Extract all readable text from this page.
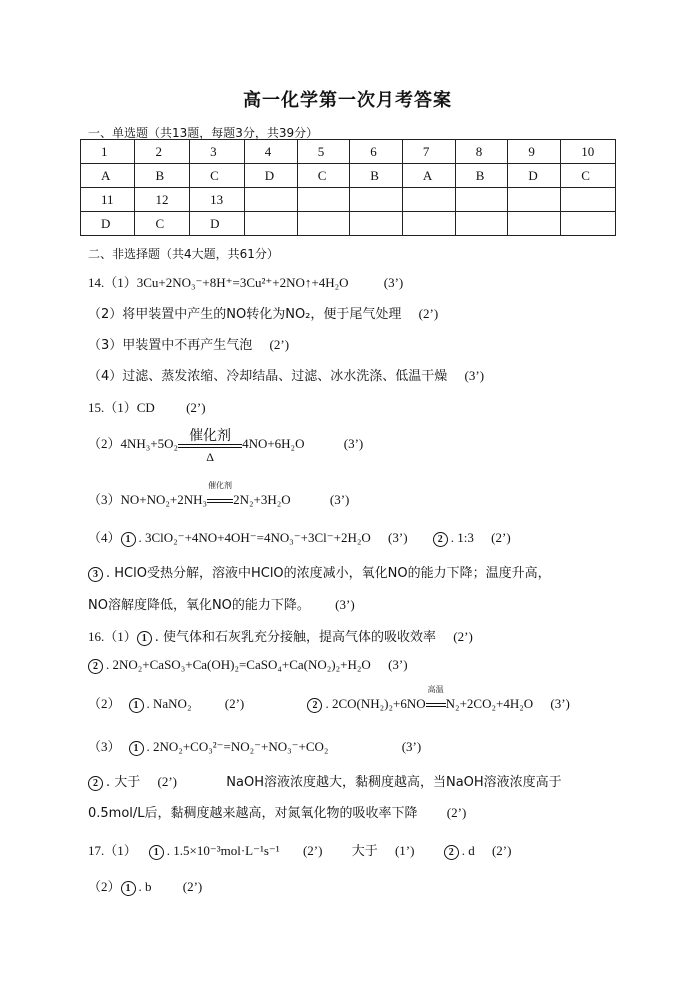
高一化学第一次月考答案
一、单选题（共13题，每题3分，共39分）
1	2	3	4	5	6	7	8	9	10
A	B	C	D	C	B	A	B	D	C
11	12	13							
D	C	D							
二、非选择题（共4大题，共61分）
14.（1）3Cu+2NO₃⁻+8H⁺=3Cu²⁺+2NO↑+4H₂O	(3’)
（2）将甲装置中产生的NO转化为NO₂，便于尾气处理 (2’)
（3）甲装置中不再产生气泡 (2’)
（4）过滤、蒸发浓缩、冷却结晶、过滤、冰水洗涤、低温干燥 (3’)
15.（1）CD (2’)
（2）4NH₃+5O₂ 催化剂
Δ
4NO+6H₂O	(3’)
（3）NO+NO₂+2NH₃
催化剂
2N₂+3H₂O	(3’)
（4） 1 . 3ClO₂⁻+4NO+4OH⁻=4NO₃⁻+3Cl⁻+2H₂O (3’)	2 . 1:3 (2’)
3 . HClO受热分解，溶液中HClO的浓度减小，氧化NO的能力下降；温度升高，
NO溶解度降低，氧化NO的能力下降。 (3’)
16.（1） 1 . 使气体和石灰乳充分接触，提高气体的吸收效率 (2’)
2 . 2NO₂+CaSO₃+Ca(OH)₂=CaSO₄+Ca(NO₂)₂+H₂O (3’)
（2） 1 . NaNO₂	(2’)	2 . 2CO(NH₂)₂+6NO
高温
N₂+2CO₂+4H₂O (3’)
（3） 1 . 2NO₂+CO₃²⁻=NO₂⁻+NO₃⁻+CO₂	(3’)
2 . 大于 (2’)	NaOH溶液浓度越大，黏稠度越高，当NaOH溶液浓度高于
0.5mol/L后，黏稠度越来越高，对氮氧化物的吸收率下降 (2’)
17.（1） 1 . 1.5×10⁻³mol·L⁻¹s⁻¹ (2’) 大于 (1’)	2 . d (2’)
（2） 1 . b (2’)
